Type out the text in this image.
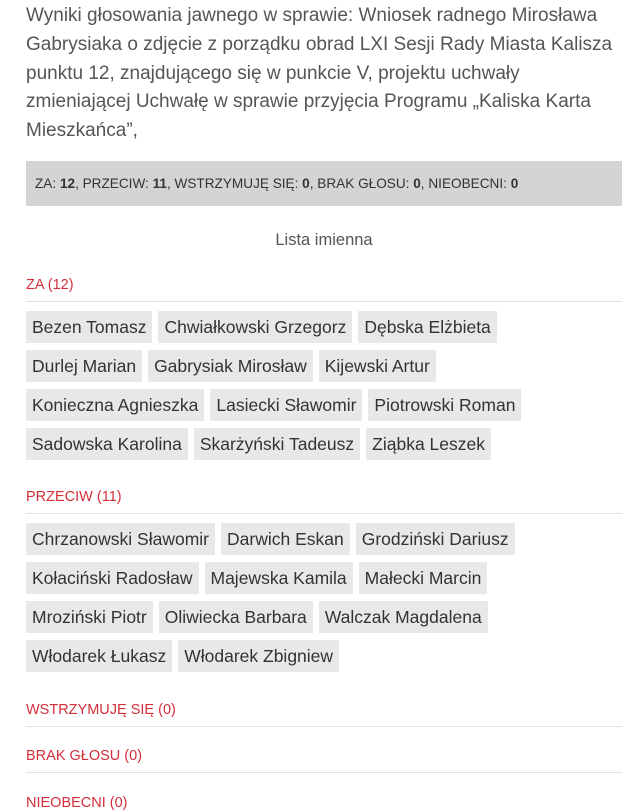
Wyniki głosowania jawnego w sprawie: Wniosek radnego Mirosława Gabrysiaka o zdjęcie z porządku obrad LXI Sesji Rady Miasta Kalisza punktu 12, znajdującego się w punkcie V, projektu uchwały zmieniającej Uchwałę w sprawie przyjęcia Programu „Kaliska Karta Mieszkańca”,
ZA: 12, PRZECIW: 11, WSTRZYMUJĘ SIĘ: 0, BRAK GŁOSU: 0, NIEOBECNI: 0
Lista imienna
ZA (12)
Bezen Tomasz Chwiałkowski Grzegorz Dębska ElżbietaDurlej Marian Gabrysiak Mirosław Kijewski ArturKonieczna Agnieszka Lasiecki Sławomir Piotrowski RomanSadowska Karolina Skarżyński Tadeusz Ziąbka Leszek
PRZECIW (11)
Chrzanowski Sławomir Darwich Eskan Grodziński DariuszKołaciński Radosław Majewska Kamila Małecki MarcinMroziński Piotr Oliwiecka Barbara Walczak MagdalenaWłodarek Łukasz Włodarek Zbigniew
WSTRZYMUJĘ SIĘ (0)
BRAK GŁOSU (0)
NIEOBECNI (0)
